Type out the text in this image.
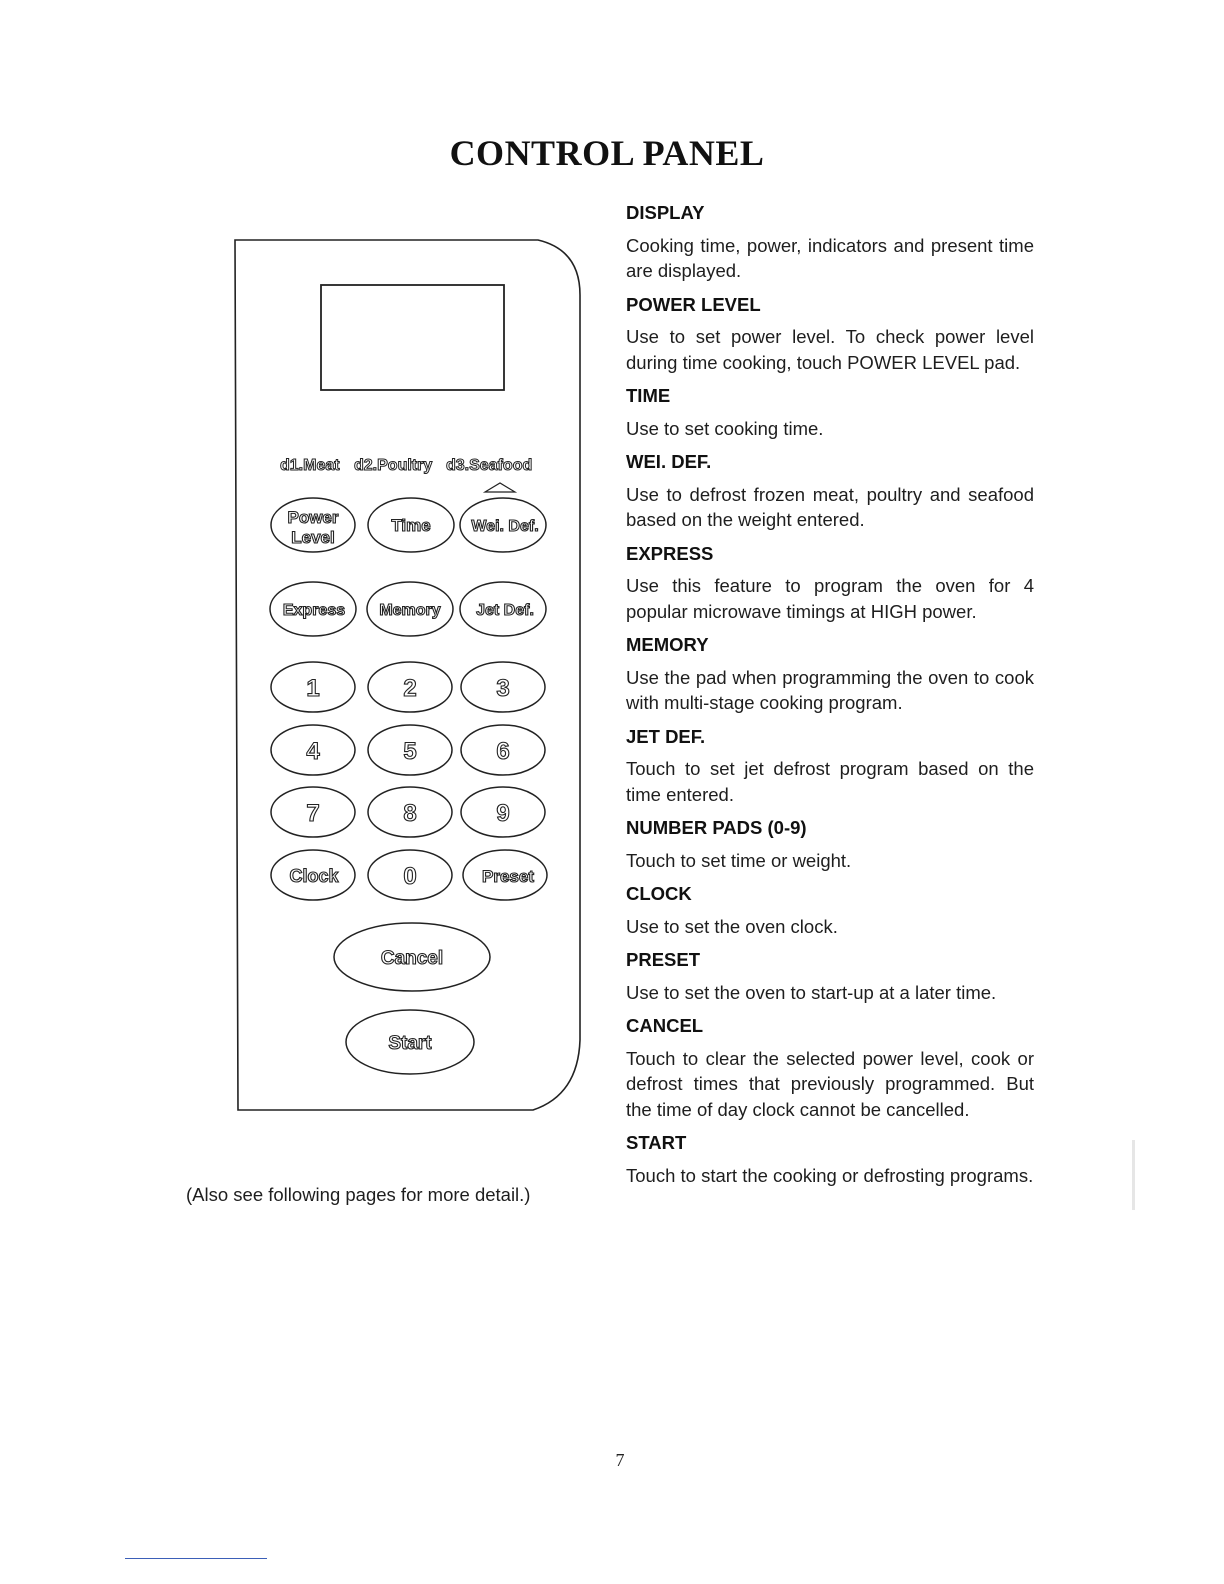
CONTROL PANEL
d1.Meat d2.Poultry d3.Seafood
Power
Level
Time	Wei. Def.
Express Memory Jet Def.
1	2	3
4	5	6
7	8	9
Clock	0	Preset
Cancel
Start

DISPLAY

Cooking time, power, indicators and present time are displayed.

POWER LEVEL

Use to set power level. To check power level during time cooking, touch POWER LEVEL pad.

TIME

Use to set cooking time.

WEI. DEF.

Use to defrost frozen meat, poultry and seafood based on the weight entered.

EXPRESS

Use this feature to program the oven for 4 popular microwave timings at HIGH power.

MEMORY

Use the pad when programming the oven to cook with multi-stage cooking program.

JET DEF.

Touch to set jet defrost program based on the time entered.

NUMBER PADS (0-9)

Touch to set time or weight.

CLOCK

Use to set the oven clock.

PRESET

Use to set the oven to start-up at a later time.

CANCEL

Touch to clear the selected power level, cook or defrost times that previously programmed. But the time of day clock cannot be cancelled.

START

Touch to start the cooking or defrosting programs.

(Also see following pages for more detail.)

7
